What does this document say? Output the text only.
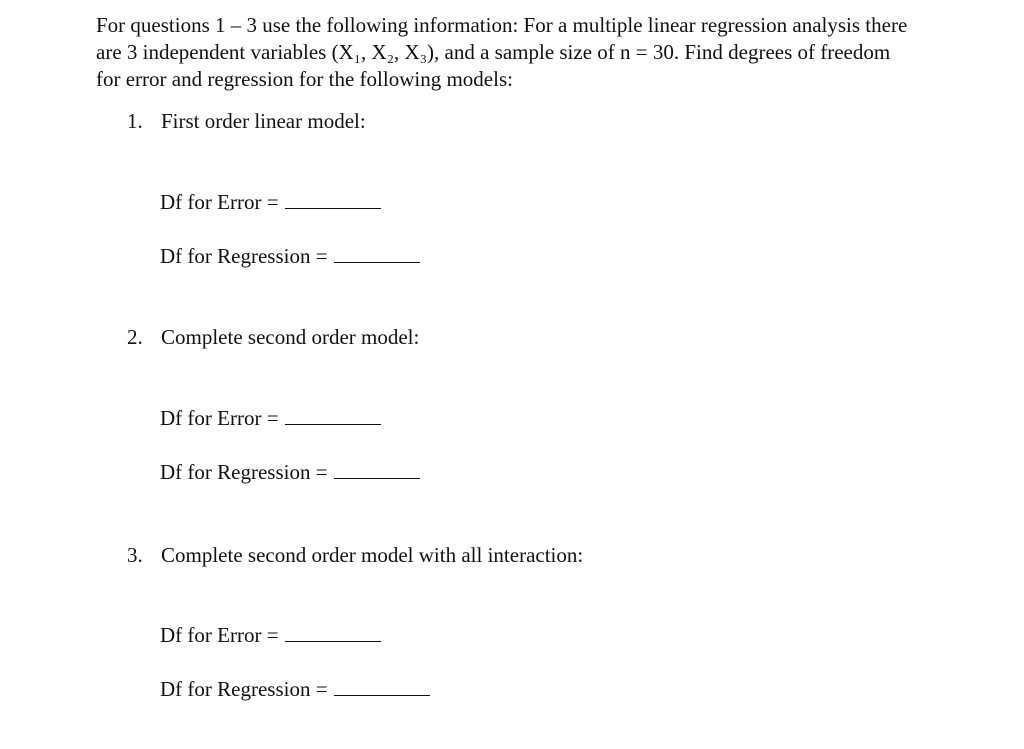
For questions 1 – 3 use the following information: For a multiple linear regression analysis there
are 3 independent variables (X₁, X₂, X₃), and a sample size of n = 30. Find degrees of freedom
for error and regression for the following models:

1. First order linear model:

Df for Error =
Df for Regression =

2. Complete second order model:

Df for Error =
Df for Regression =

3. Complete second order model with all interaction:

Df for Error =
Df for Regression =
